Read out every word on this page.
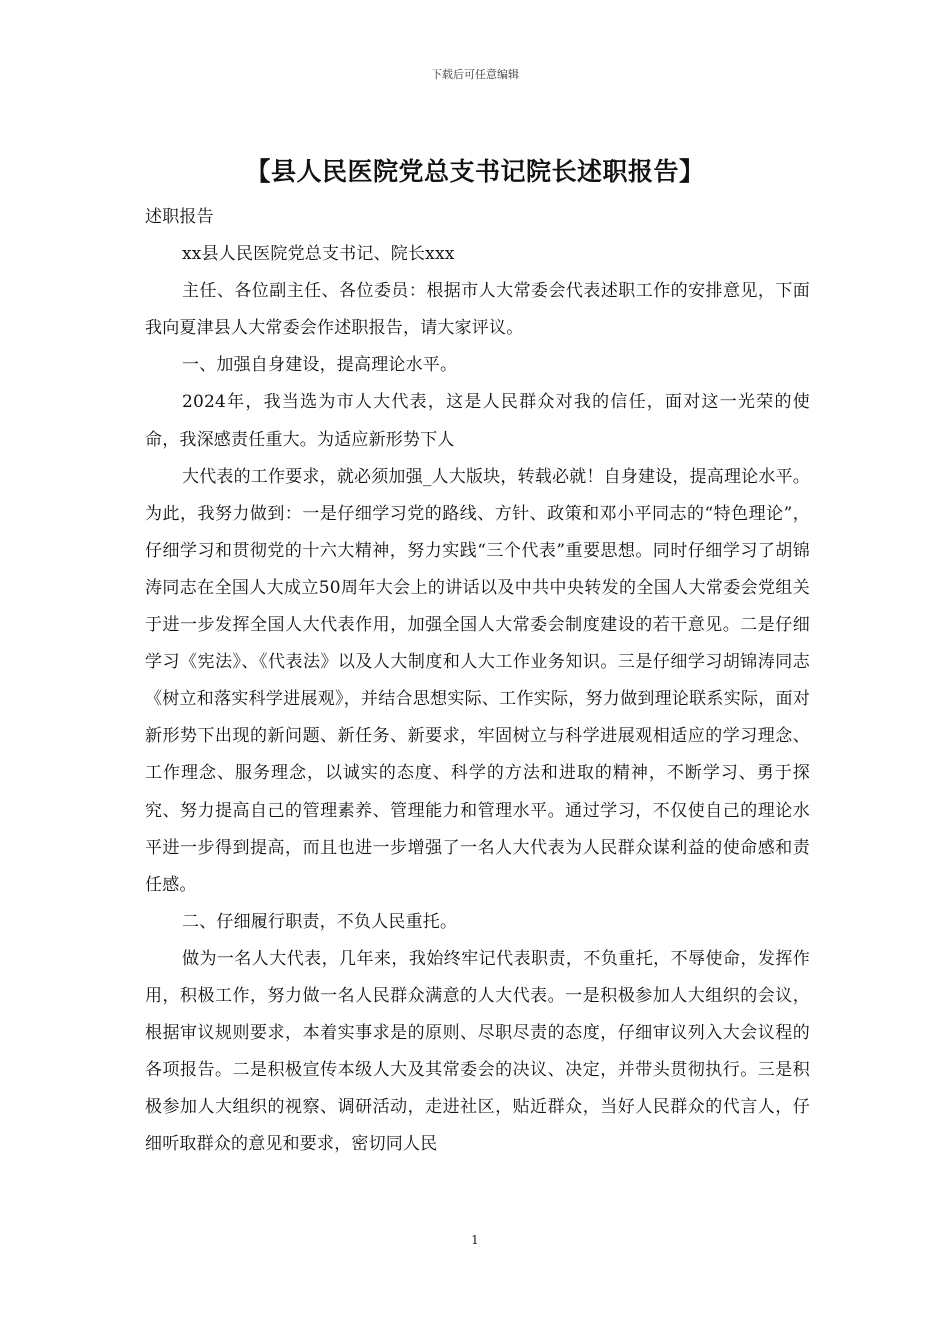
下载后可任意编辑
【县人民医院党总支书记院长述职报告】

述职报告

xx县人民医院党总支书记、院长xxx

主任、各位副主任、各位委员：根据市人大常委会代表述职工作的安排意见，下面我向夏津县人大常委会作述职报告，请大家评议。

一、加强自身建设，提高理论水平。

2024年，我当选为市人大代表，这是人民群众对我的信任，面对这一光荣的使命，我深感责任重大。为适应新形势下人

大代表的工作要求，就必须加强_人大版块，转载必就！自身建设，提高理论水平。为此，我努力做到：一是仔细学习党的路线、方针、政策和邓小平同志的“特色理论”，仔细学习和贯彻党的十六大精神，努力实践“三个代表”重要思想。同时仔细学习了胡锦涛同志在全国人大成立50周年大会上的讲话以及中共中央转发的全国人大常委会党组关于进一步发挥全国人大代表作用，加强全国人大常委会制度建设的若干意见。二是仔细学习《宪法》、《代表法》以及人大制度和人大工作业务知识。三是仔细学习胡锦涛同志《树立和落实科学进展观》，并结合思想实际、工作实际，努力做到理论联系实际，面对新形势下出现的新问题、新任务、新要求，牢固树立与科学进展观相适应的学习理念、工作理念、服务理念，以诚实的态度、科学的方法和进取的精神，不断学习、勇于探究、努力提高自己的管理素养、管理能力和管理水平。通过学习，不仅使自己的理论水平进一步得到提高，而且也进一步增强了一名人大代表为人民群众谋利益的使命感和责任感。

二、仔细履行职责，不负人民重托。

做为一名人大代表，几年来，我始终牢记代表职责，不负重托，不辱使命，发挥作用，积极工作，努力做一名人民群众满意的人大代表。一是积极参加人大组织的会议，根据审议规则要求，本着实事求是的原则、尽职尽责的态度，仔细审议列入大会议程的各项报告。二是积极宣传本级人大及其常委会的决议、决定，并带头贯彻执行。三是积极参加人大组织的视察、调研活动，走进社区，贴近群众，当好人民群众的代言人，仔细听取群众的意见和要求，密切同人民

1
